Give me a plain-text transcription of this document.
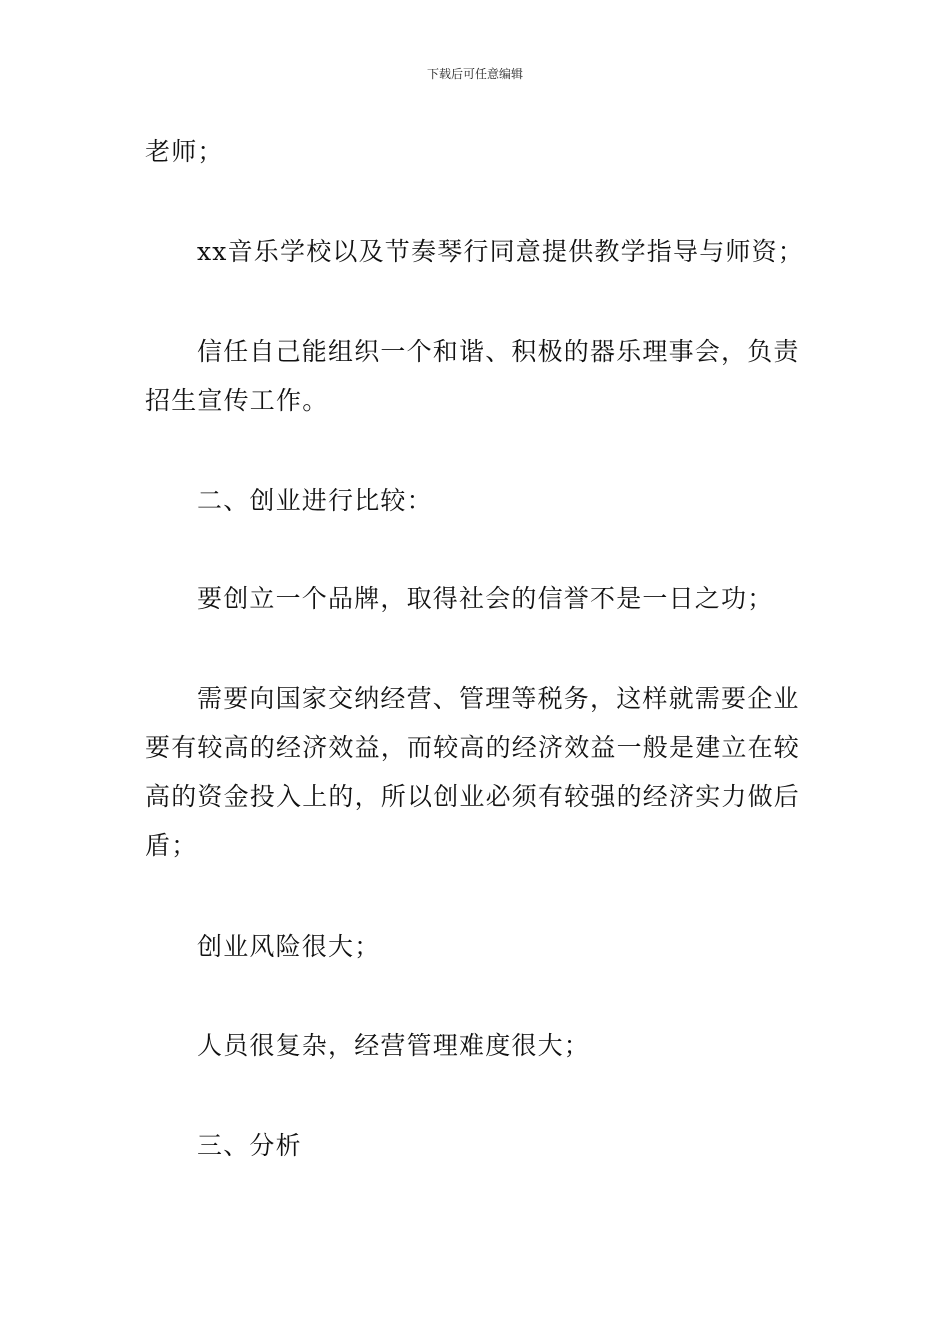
下载后可任意编辑

老师；

xx音乐学校以及节奏琴行同意提供教学指导与师资；

信任自己能组织一个和谐、积极的器乐理事会，负责招生宣传工作。

二、创业进行比较：

要创立一个品牌，取得社会的信誉不是一日之功；

需要向国家交纳经营、管理等税务，这样就需要企业要有较高的经济效益，而较高的经济效益一般是建立在较高的资金投入上的，所以创业必须有较强的经济实力做后盾；

创业风险很大；

人员很复杂，经营管理难度很大；

三、分析
